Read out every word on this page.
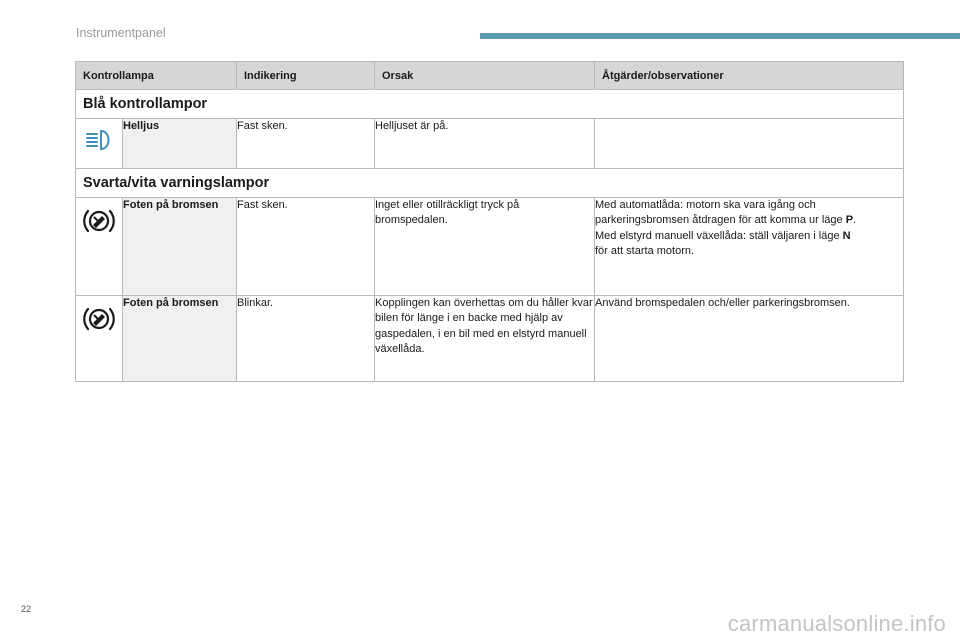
Instrumentpanel
Kontrollampa		Indikering	Orsak	Åtgärder/observationer
Blå kontrollampor				

	Helljus	Fast sken.	Helljuset är på.	
Svarta/vita varningslampor				

	Foten på bromsen	Fast sken.	Inget eller otillräckligt tryck på bromspedalen.	Med automatlåda: motorn ska vara igång och parkeringsbromsen åtdragen för att komma ur läge P.
Med elstyrd manuell växellåda: ställ väljaren i läge N
för att starta motorn.

	Foten på bromsen	Blinkar.	Kopplingen kan överhettas om du håller kvar bilen för länge i en backe med hjälp av gaspedalen, i en bil med en elstyrd manuell växellåda.	Använd bromspedalen och/eller parkeringsbromsen.
22
carmanualsonline.info
